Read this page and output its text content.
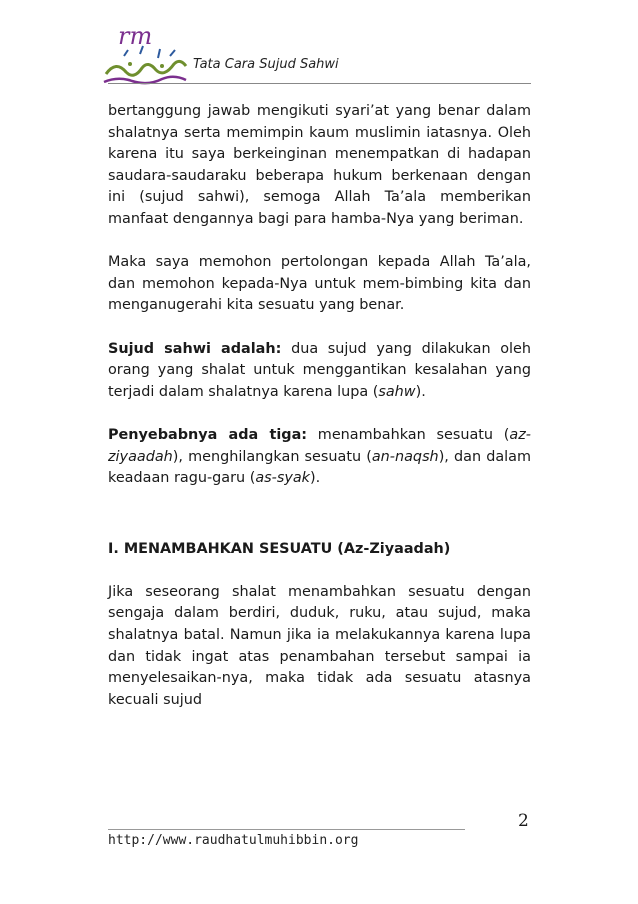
rm
Tata Cara Sujud Sahwi

bertanggung jawab mengikuti syari’at yang benar dalam shalatnya serta memimpin kaum muslimin iatasnya. Oleh karena itu saya berkeinginan menempatkan di hadapan saudara-saudaraku beberapa hukum berkenaan dengan ini (sujud sahwi), semoga Allah Ta’ala memberikan manfaat dengannya bagi para hamba-Nya yang beriman.

Maka saya memohon pertolongan kepada Allah Ta’ala, dan memohon kepada-Nya untuk mem-bimbing kita dan menganugerahi kita sesuatu yang benar.

Sujud sahwi adalah: dua sujud yang dilakukan oleh orang yang shalat untuk menggantikan kesalahan yang terjadi dalam shalatnya karena lupa (sahw).

Penyebabnya ada tiga: menambahkan sesuatu (az-ziyaadah), menghilangkan sesuatu (an-naqsh), dan dalam keadaan ragu-garu (as-syak).

I. MENAMBAHKAN SESUATU (Az-Ziyaadah)

Jika seseorang shalat menambahkan sesuatu dengan sengaja dalam berdiri, duduk, ruku, atau sujud, maka shalatnya batal. Namun jika ia melakukannya karena lupa dan tidak ingat atas penambahan tersebut sampai ia menyelesaikan-nya, maka tidak ada sesuatu atasnya kecuali sujud

2
http://www.raudhatulmuhibbin.org
